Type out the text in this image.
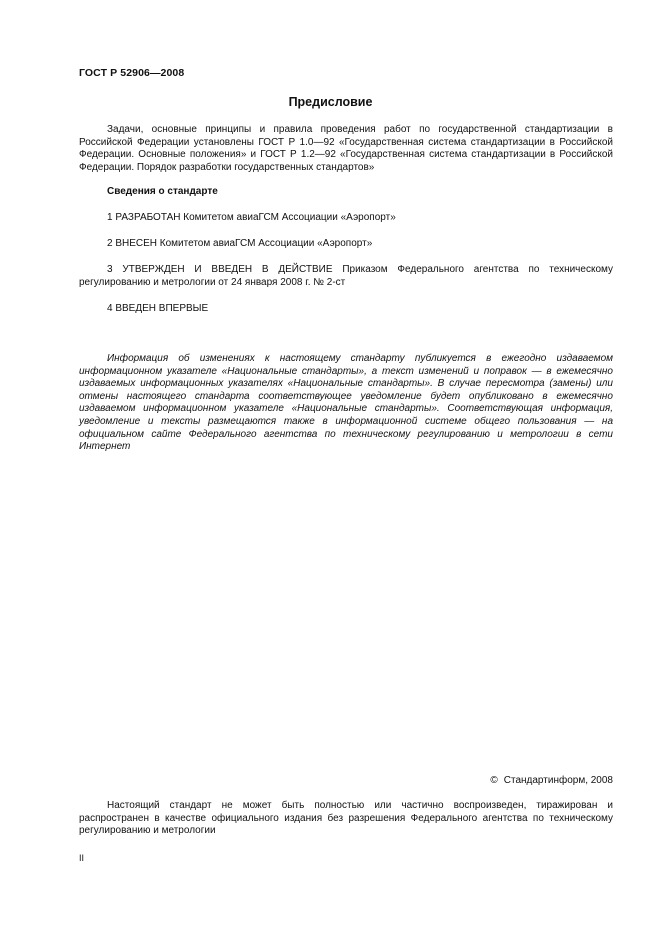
ГОСТ Р 52906—2008
Предисловие
Задачи, основные принципы и правила проведения работ по государственной стандартизации в Российской Федерации установлены ГОСТ Р 1.0—92 «Государственная система стандартизации в Российской Федерации. Основные положения» и ГОСТ Р 1.2—92 «Государственная система стандартизации в Российской Федерации. Порядок разработки государственных стандартов»
Сведения о стандарте
1 РАЗРАБОТАН Комитетом авиаГСМ Ассоциации «Аэропорт»
2 ВНЕСЕН Комитетом авиаГСМ Ассоциации «Аэропорт»
3 УТВЕРЖДЕН И ВВЕДЕН В ДЕЙСТВИЕ Приказом Федерального агентства по техническому регулированию и метрологии от 24 января 2008 г. № 2-ст
4 ВВЕДЕН ВПЕРВЫЕ
Информация об изменениях к настоящему стандарту публикуется в ежегодно издаваемом информационном указателе «Национальные стандарты», а текст изменений и поправок — в ежемесячно издаваемых информационных указателях «Национальные стандарты». В случае пересмотра (замены) или отмены настоящего стандарта соответствующее уведомление будет опубликовано в ежемесячно издаваемом информационном указателе «Национальные стандарты». Соответствующая информация, уведомление и тексты размещаются также в информационной системе общего пользования — на официальном сайте Федерального агентства по техническому регулированию и метрологии в сети Интернет
© Стандартинформ, 2008
Настоящий стандарт не может быть полностью или частично воспроизведен, тиражирован и распространен в качестве официального издания без разрешения Федерального агентства по техническому регулированию и метрологии
II
